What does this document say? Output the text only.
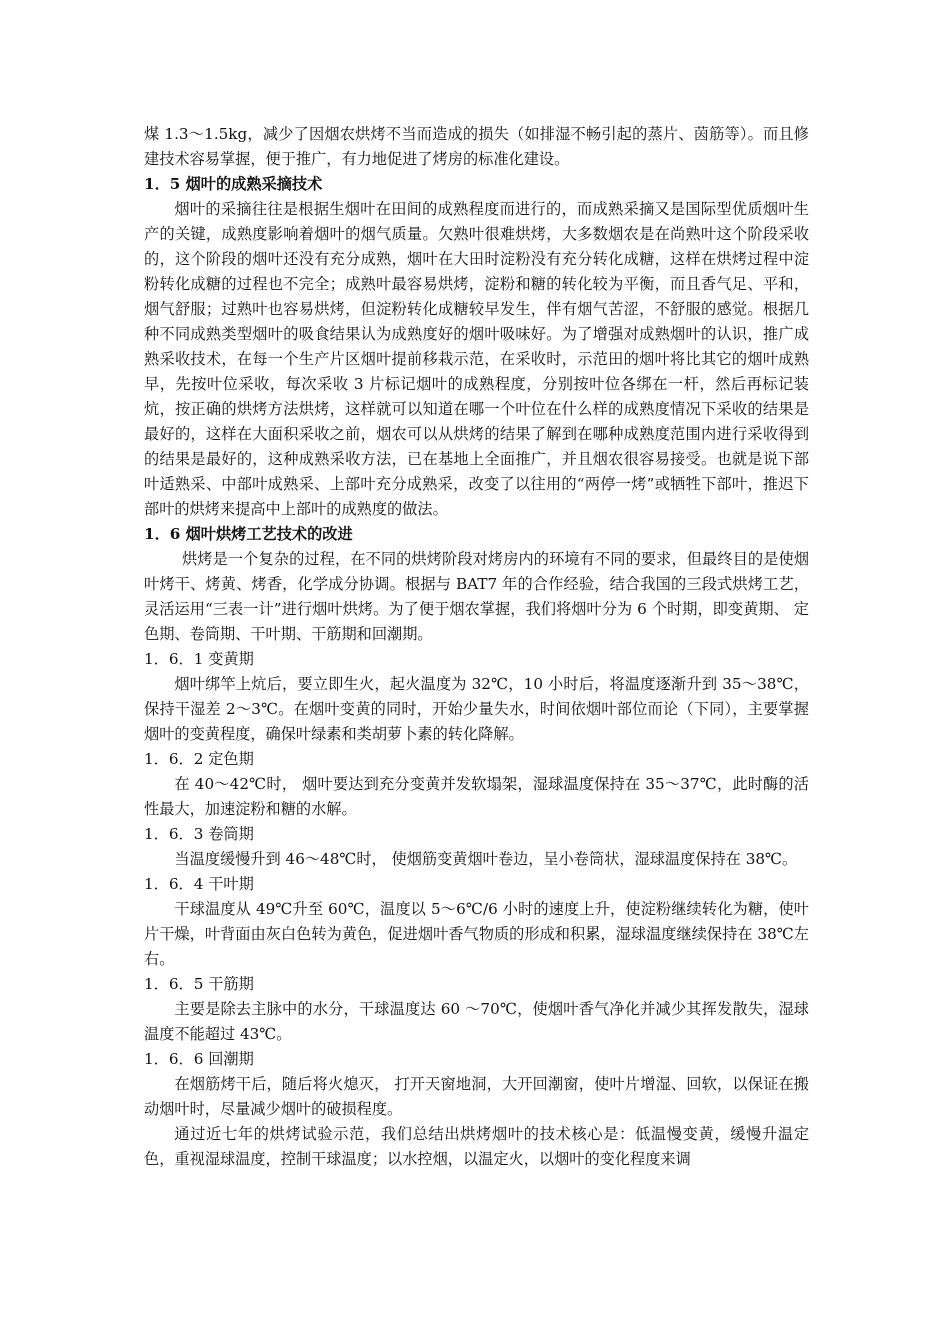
煤 1.3～1.5kg，减少了因烟农烘烤不当而造成的损失（如排湿不畅引起的蒸片、茵筋等）。而且修建技术容易掌握，便于推广，有力地促进了烤房的标准化建设。

1．5 烟叶的成熟采摘技术

烟叶的采摘往往是根据生烟叶在田间的成熟程度而进行的，而成熟采摘又是国际型优质烟叶生产的关键，成熟度影响着烟叶的烟气质量。欠熟叶很难烘烤，大多数烟农是在尚熟叶这个阶段采收的，这个阶段的烟叶还没有充分成熟，烟叶在大田时淀粉没有充分转化成糖，这样在烘烤过程中淀粉转化成糖的过程也不完全；成熟叶最容易烘烤，淀粉和糖的转化较为平衡，而且香气足、平和，烟气舒服；过熟叶也容易烘烤，但淀粉转化成糖较早发生，伴有烟气苦涩，不舒服的感觉。根据几种不同成熟类型烟叶的吸食结果认为成熟度好的烟叶吸味好。为了增强对成熟烟叶的认识，推广成熟采收技术，在每一个生产片区烟叶提前移栽示范，在采收时，示范田的烟叶将比其它的烟叶成熟早，先按叶位采收，每次采收 3 片标记烟叶的成熟程度，分别按叶位各绑在一杆，然后再标记装炕，按正确的烘烤方法烘烤，这样就可以知道在哪一个叶位在什么样的成熟度情况下采收的结果是最好的，这样在大面积采收之前，烟农可以从烘烤的结果了解到在哪种成熟度范围内进行采收得到的结果是最好的，这种成熟采收方法，已在基地上全面推广，并且烟农很容易接受。也就是说下部叶适熟采、中部叶成熟采、上部叶充分成熟采，改变了以往用的“两停一烤”或牺牲下部叶，推迟下部叶的烘烤来提高中上部叶的成熟度的做法。

1．6 烟叶烘烤工艺技术的改进

烘烤是一个复杂的过程，在不同的烘烤阶段对烤房内的环境有不同的要求，但最终目的是使烟叶烤干、烤黄、烤香，化学成分协调。根据与 BAT7 年的合作经验，结合我国的三段式烘烤工艺，灵活运用“三表一计”进行烟叶烘烤。为了便于烟农掌握，我们将烟叶分为 6 个时期，即变黄期、 定色期、卷筒期、干叶期、干筋期和回潮期。

1．6．1 变黄期

烟叶绑竿上炕后，要立即生火，起火温度为 32℃，10 小时后，将温度逐渐升到 35～38℃，保持干湿差 2～3℃。在烟叶变黄的同时，开始少量失水，时间依烟叶部位而论（下同），主要掌握烟叶的变黄程度，确保叶绿素和类胡萝卜素的转化降解。

1．6．2 定色期

在 40～42℃时， 烟叶要达到充分变黄并发软塌架，湿球温度保持在 35～37℃，此时酶的活性最大，加速淀粉和糖的水解。

1．6．3 卷筒期

当温度缓慢升到 46～48℃时， 使烟筋变黄烟叶卷边，呈小卷筒状，湿球温度保持在 38℃。

1．6．4 干叶期

干球温度从 49℃升至 60℃，温度以 5～6℃/6 小时的速度上升，使淀粉继续转化为糖，使叶片干燥，叶背面由灰白色转为黄色，促进烟叶香气物质的形成和积累，湿球温度继续保持在 38℃左右。

1．6．5 干筋期

主要是除去主脉中的水分，干球温度达 60 ～70℃，使烟叶香气净化并减少其挥发散失，湿球温度不能超过 43℃。

1．6．6 回潮期

在烟筋烤干后，随后将火熄灭， 打开天窗地洞，大开回潮窗，使叶片增湿、回软，以保证在搬动烟叶时，尽量减少烟叶的破损程度。

通过近七年的烘烤试验示范，我们总结出烘烤烟叶的技术核心是：低温慢变黄，缓慢升温定色，重视湿球温度，控制干球温度；以水控烟，以温定火，以烟叶的变化程度来调
